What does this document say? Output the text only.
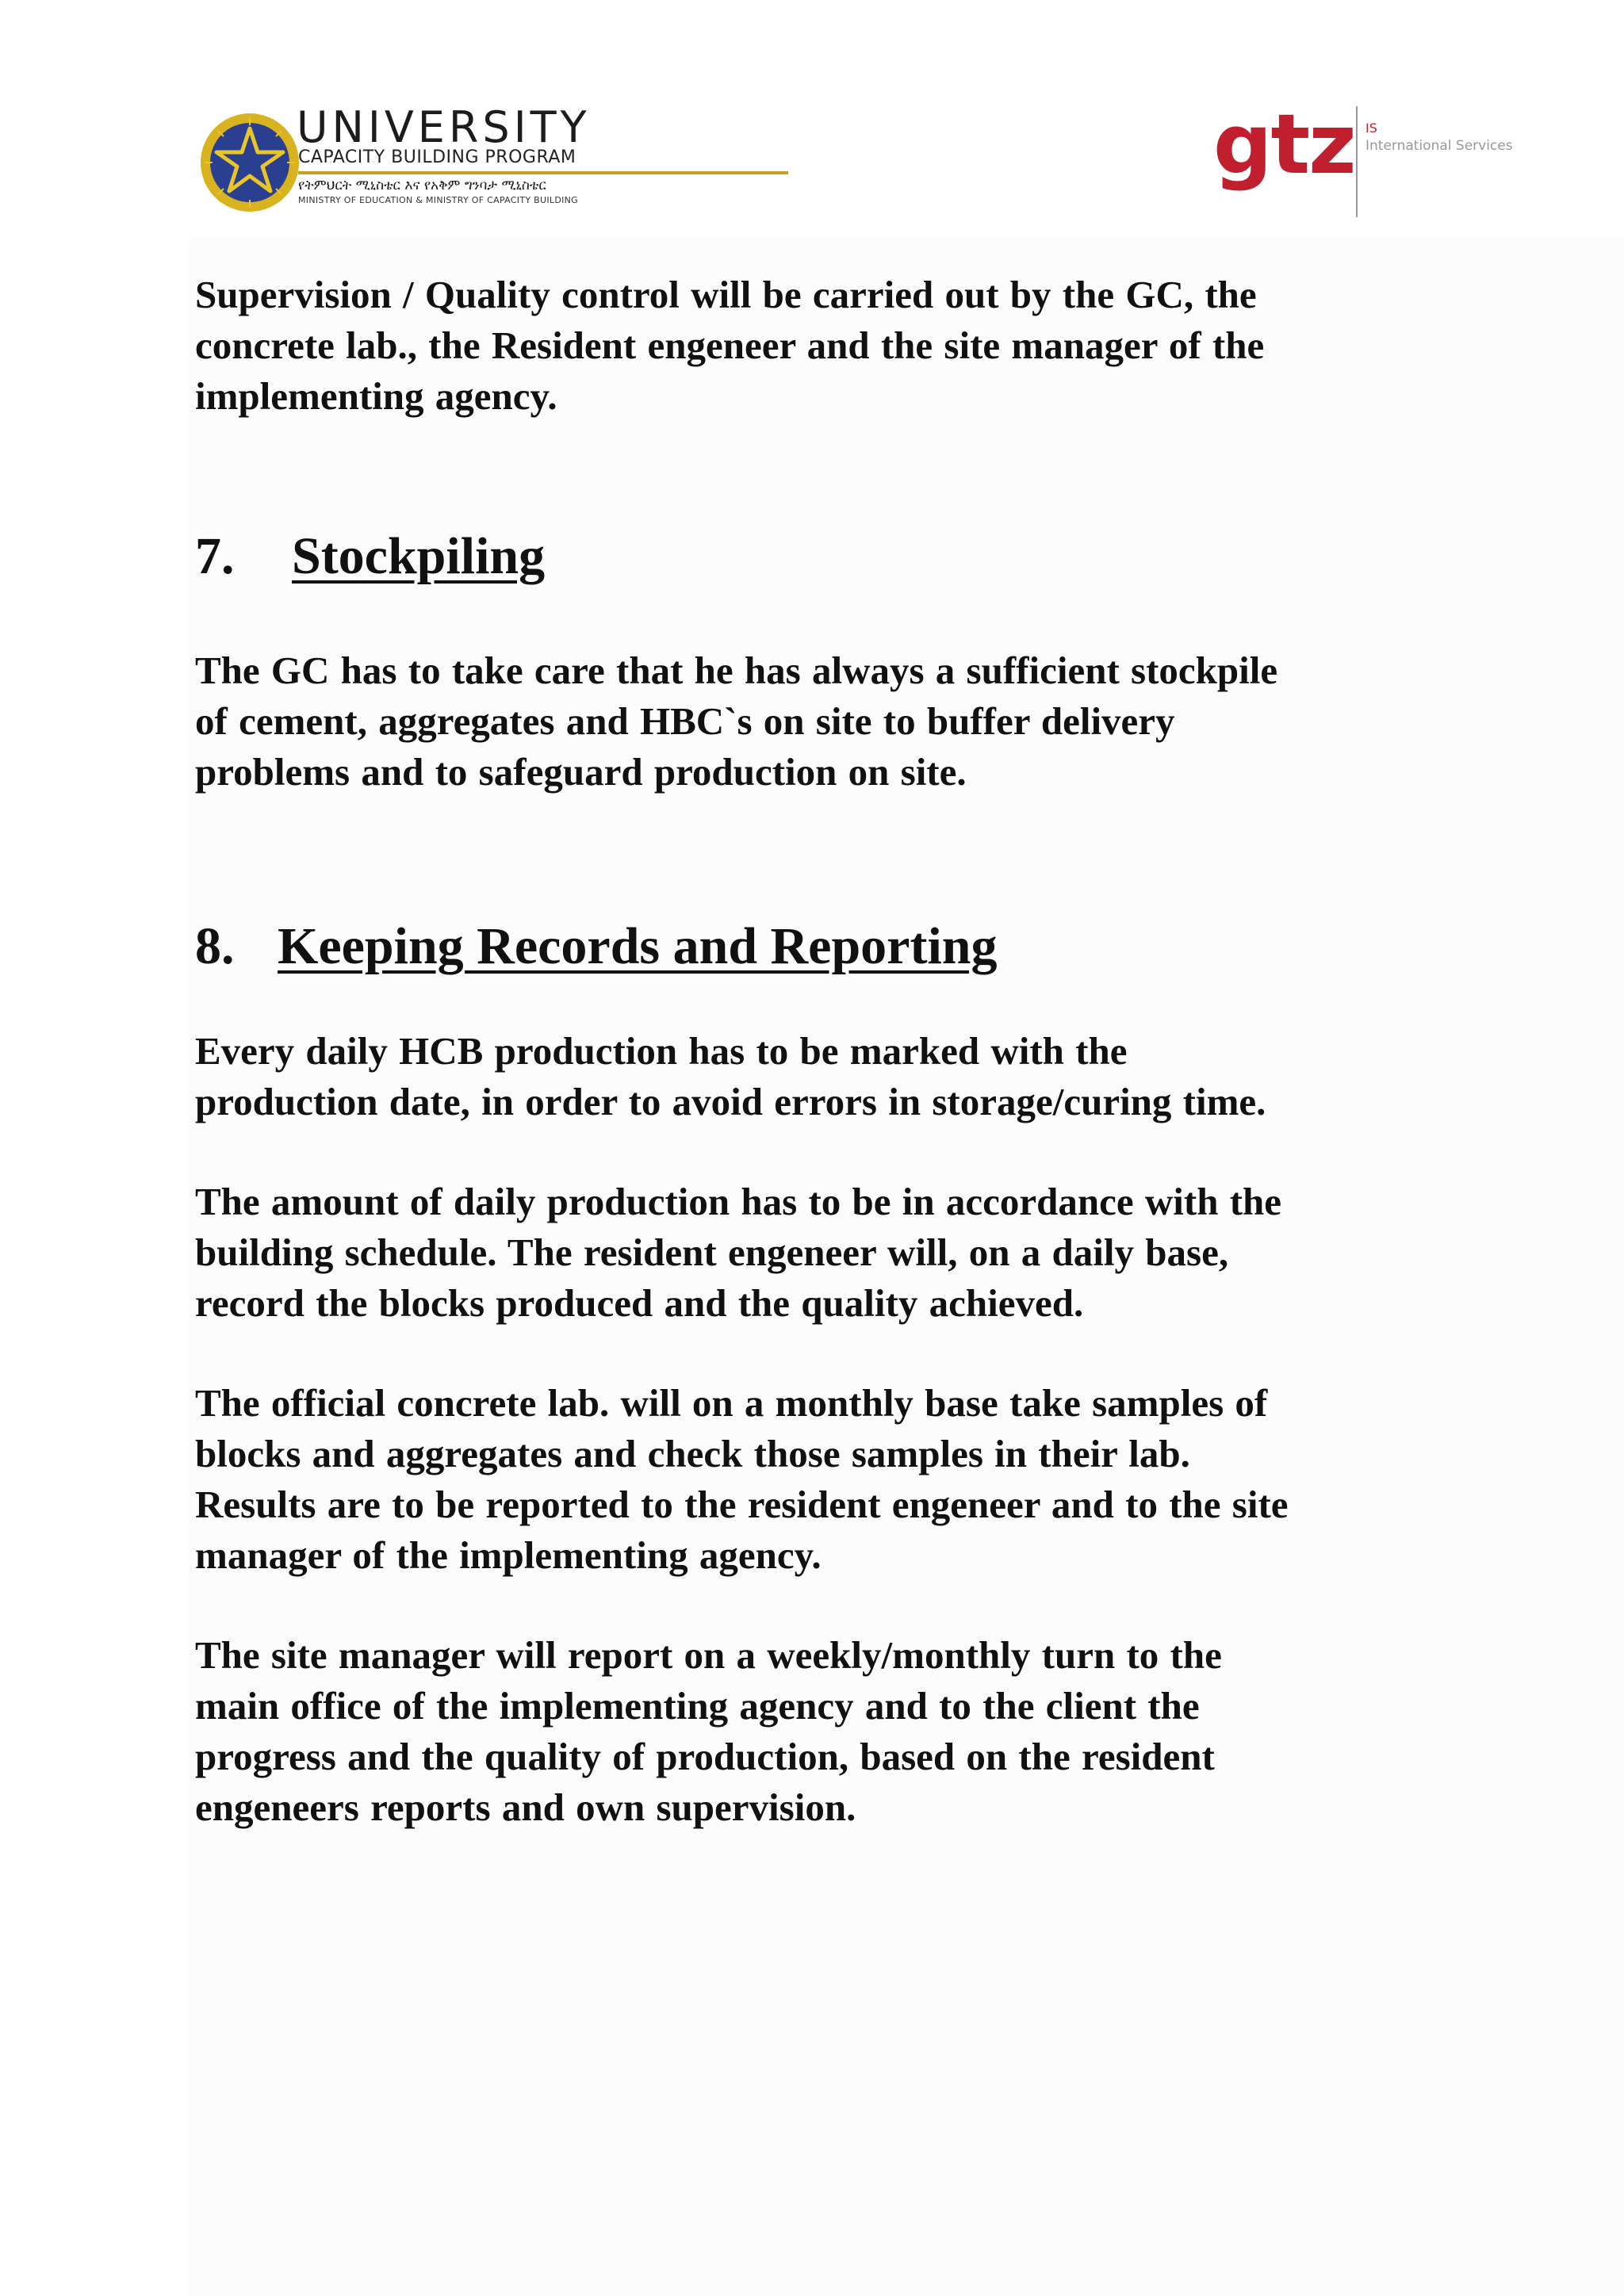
UNIVERSITY
CAPACITY BUILDING PROGRAM
የትምህርት ሚኒስቴር እና የአቅም ግንባታ ሚኒስቴር
MINISTRY OF EDUCATION & MINISTRY OF CAPACITY BUILDING
gtz IS
International Services

Supervision / Quality control will be carried out by the GC, the
concrete lab., the Resident engeneer and the site manager of the
implementing agency.

7. Stockpiling

The GC has to take care that he has always a sufficient stockpile
of cement, aggregates and HBC`s on site to buffer delivery
problems and to safeguard production on site.

8. Keeping Records and Reporting

Every daily HCB production has to be marked with the
production date, in order to avoid errors in storage/curing time.

The amount of daily production has to be in accordance with the
building schedule. The resident engeneer will, on a daily base,
record the blocks produced and the quality achieved.

The official concrete lab. will on a monthly base take samples of
blocks and aggregates and check those samples in their lab.
Results are to be reported to the resident engeneer and to the site
manager of the implementing agency.

The site manager will report on a weekly/monthly turn to the
main office of the implementing agency and to the client the
progress and the quality of production, based on the resident
engeneers reports and own supervision.
